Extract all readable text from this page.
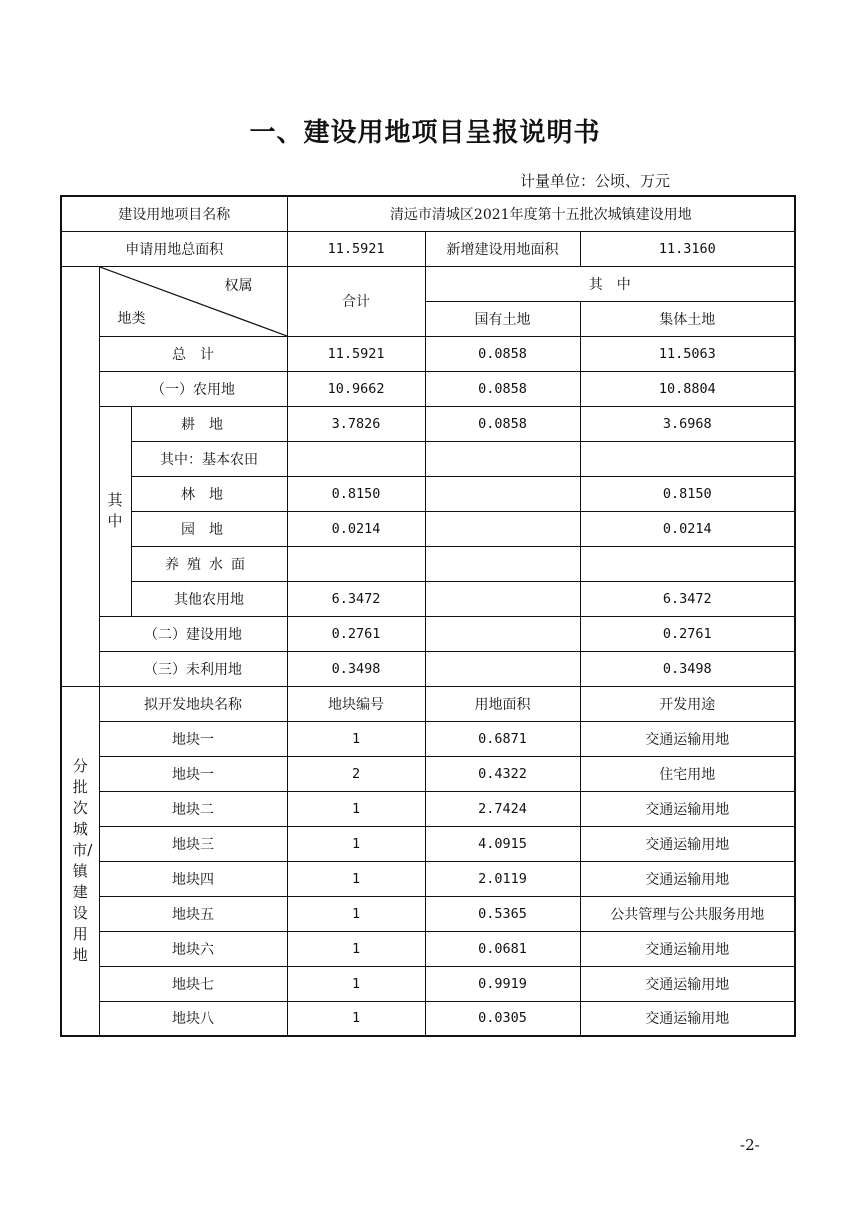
一、建设用地项目呈报说明书
计量单位：公顷、万元
建设用地项目名称			清远市清城区2021年度第十五批次城镇建设用地		
申请用地总面积			11.5921	新增建设用地面积	11.3160

	权属
地类		合计	其　中	
				国有土地	集体土地
	总　计		11.5921	0.0858	11.5063
	（一）农用地		10.9662	0.0858	10.8804
	其中	耕地	3.7826	0.0858	3.6968
		其中：基本农田			
		林地	0.8150		0.8150
		园地	0.0214		0.0214
		养殖水面			
		其他农用地	6.3472		6.3472
	（二）建设用地		0.2761		0.2761
	（三）未利用地		0.3498		0.3498
分批次城市/镇建设用地	拟开发地块名称		地块编号	用地面积	开发用途
	地块一		1	0.6871	交通运输用地
	地块一		2	0.4322	住宅用地
	地块二		1	2.7424	交通运输用地
	地块三		1	4.0915	交通运输用地
	地块四		1	2.0119	交通运输用地
	地块五		1	0.5365	公共管理与公共服务用地
	地块六		1	0.0681	交通运输用地
	地块七		1	0.9919	交通运输用地
	地块八		1	0.0305	交通运输用地
-2-
